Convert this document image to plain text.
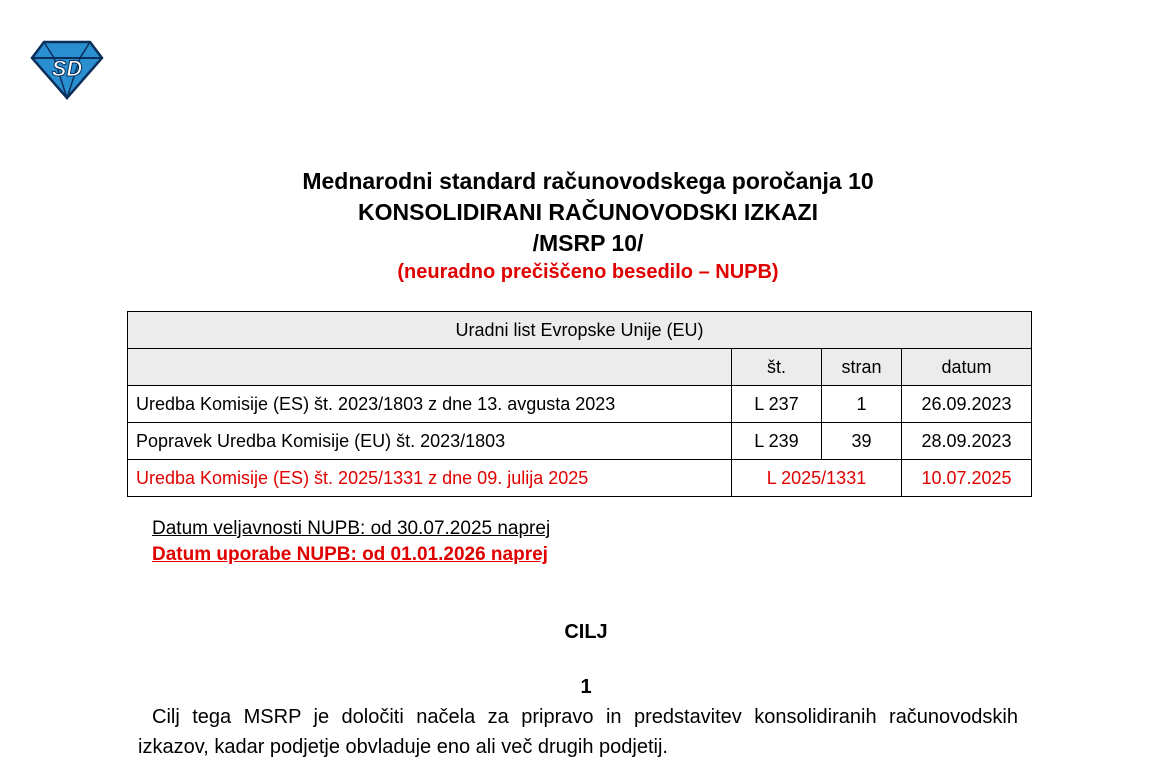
SD
Mednarodni standard računovodskega poročanja 10
KONSOLIDIRANI RAČUNOVODSKI IZKAZI
/MSRP 10/
(neuradno prečiščeno besedilo – NUPB)
Uradni list Evropske Unije (EU)			
	št.	stran	datum
Uredba Komisije (ES) št. 2023/1803 z dne 13. avgusta 2023	L 237	1	26.09.2023
Popravek Uredba Komisije (EU) št. 2023/1803	L 239	39	28.09.2023
Uredba Komisije (ES) št. 2025/1331 z dne 09. julija 2025	L 2025/1331		10.07.2025
Datum veljavnosti NUPB: od 30.07.2025 naprej
Datum uporabe NUPB: od 01.01.2026 naprej
CILJ
1
Cilj tega MSRP je določiti načela za pripravo in predstavitev konsolidiranih računovodskih izkazov, kadar podjetje obvladuje eno ali več drugih podjetij.
